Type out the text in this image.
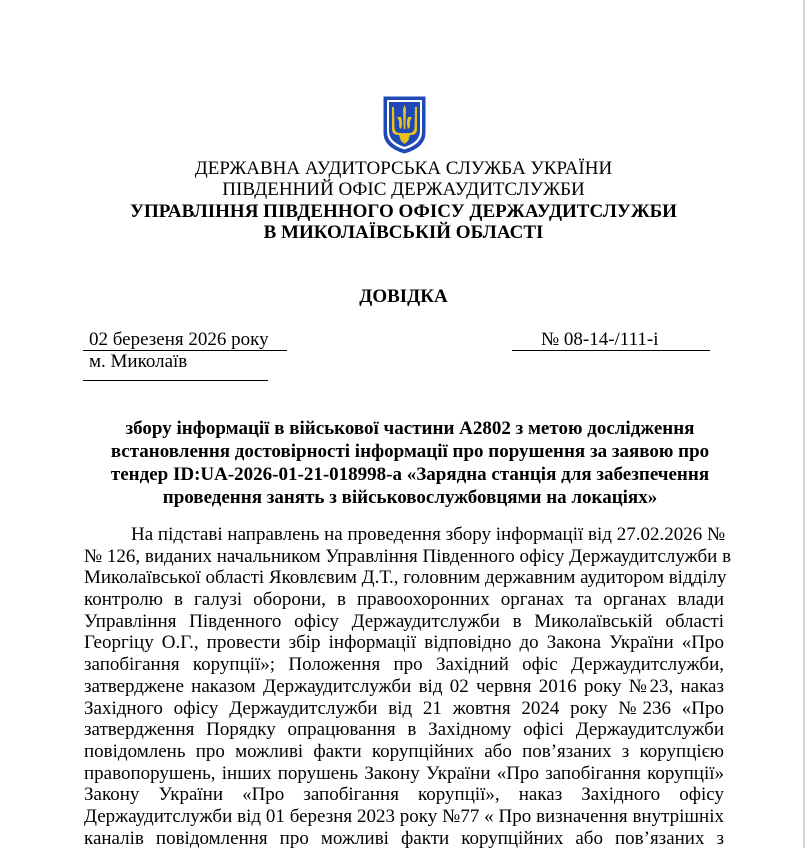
ДЕРЖАВНА АУДИТОРСЬКА СЛУЖБА УКРАЇНИ
ПІВДЕННИЙ ОФІС ДЕРЖАУДИТСЛУЖБИ
УПРАВЛІННЯ ПІВДЕННОГО ОФІСУ ДЕРЖАУДИТСЛУЖБИ
В МИКОЛАЇВСЬКІЙ ОБЛАСТІ
ДОВІДКА
02 березеня 2026 року	№ 08-14-/111-і
м. Миколаїв
збору інформації в військової частини А2802 з метою дослідження
встановлення достовірності інформації про порушення за заявою про
тендер ID:UA-2026-01-21-018998-а «Зарядна станція для забезпечення
проведення занять з військовослужбовцями на локаціях»
На підставі направлень на проведення збору інформації від 27.02.2026 №
№ 126, виданих начальником Управління Південного офісу Держаудитслужби в
Миколаївської області Яковлєвим Д.Т., головним державним аудитором відділу
контролю в галузі оборони, в правоохоронних органах та органах влади
Управління Південного офісу Держаудитслужби в Миколаївській області
Георгіцу О.Г., провести збір інформації відповідно до Закона України «Про
запобігання корупції»; Положення про Західний офіс Держаудитслужби,
затверджене наказом Держаудитслужби від 02 червня 2016 року №23, наказ
Західного офісу Держаудитслужби від 21 жовтня 2024 року №236 «Про
затвердження Порядку опрацювання в Західному офісі Держаудитслужби
повідомлень про можливі факти корупційних або пов’язаних з корупцією
правопорушень, інших порушень Закону України «Про запобігання корупції»
Закону України «Про запобігання корупції», наказ Західного офісу
Держаудитслужби від 01 березня 2023 року №77 « Про визначення внутрішніх
каналів повідомлення про можливі факти корупційних або пов’язаних з
